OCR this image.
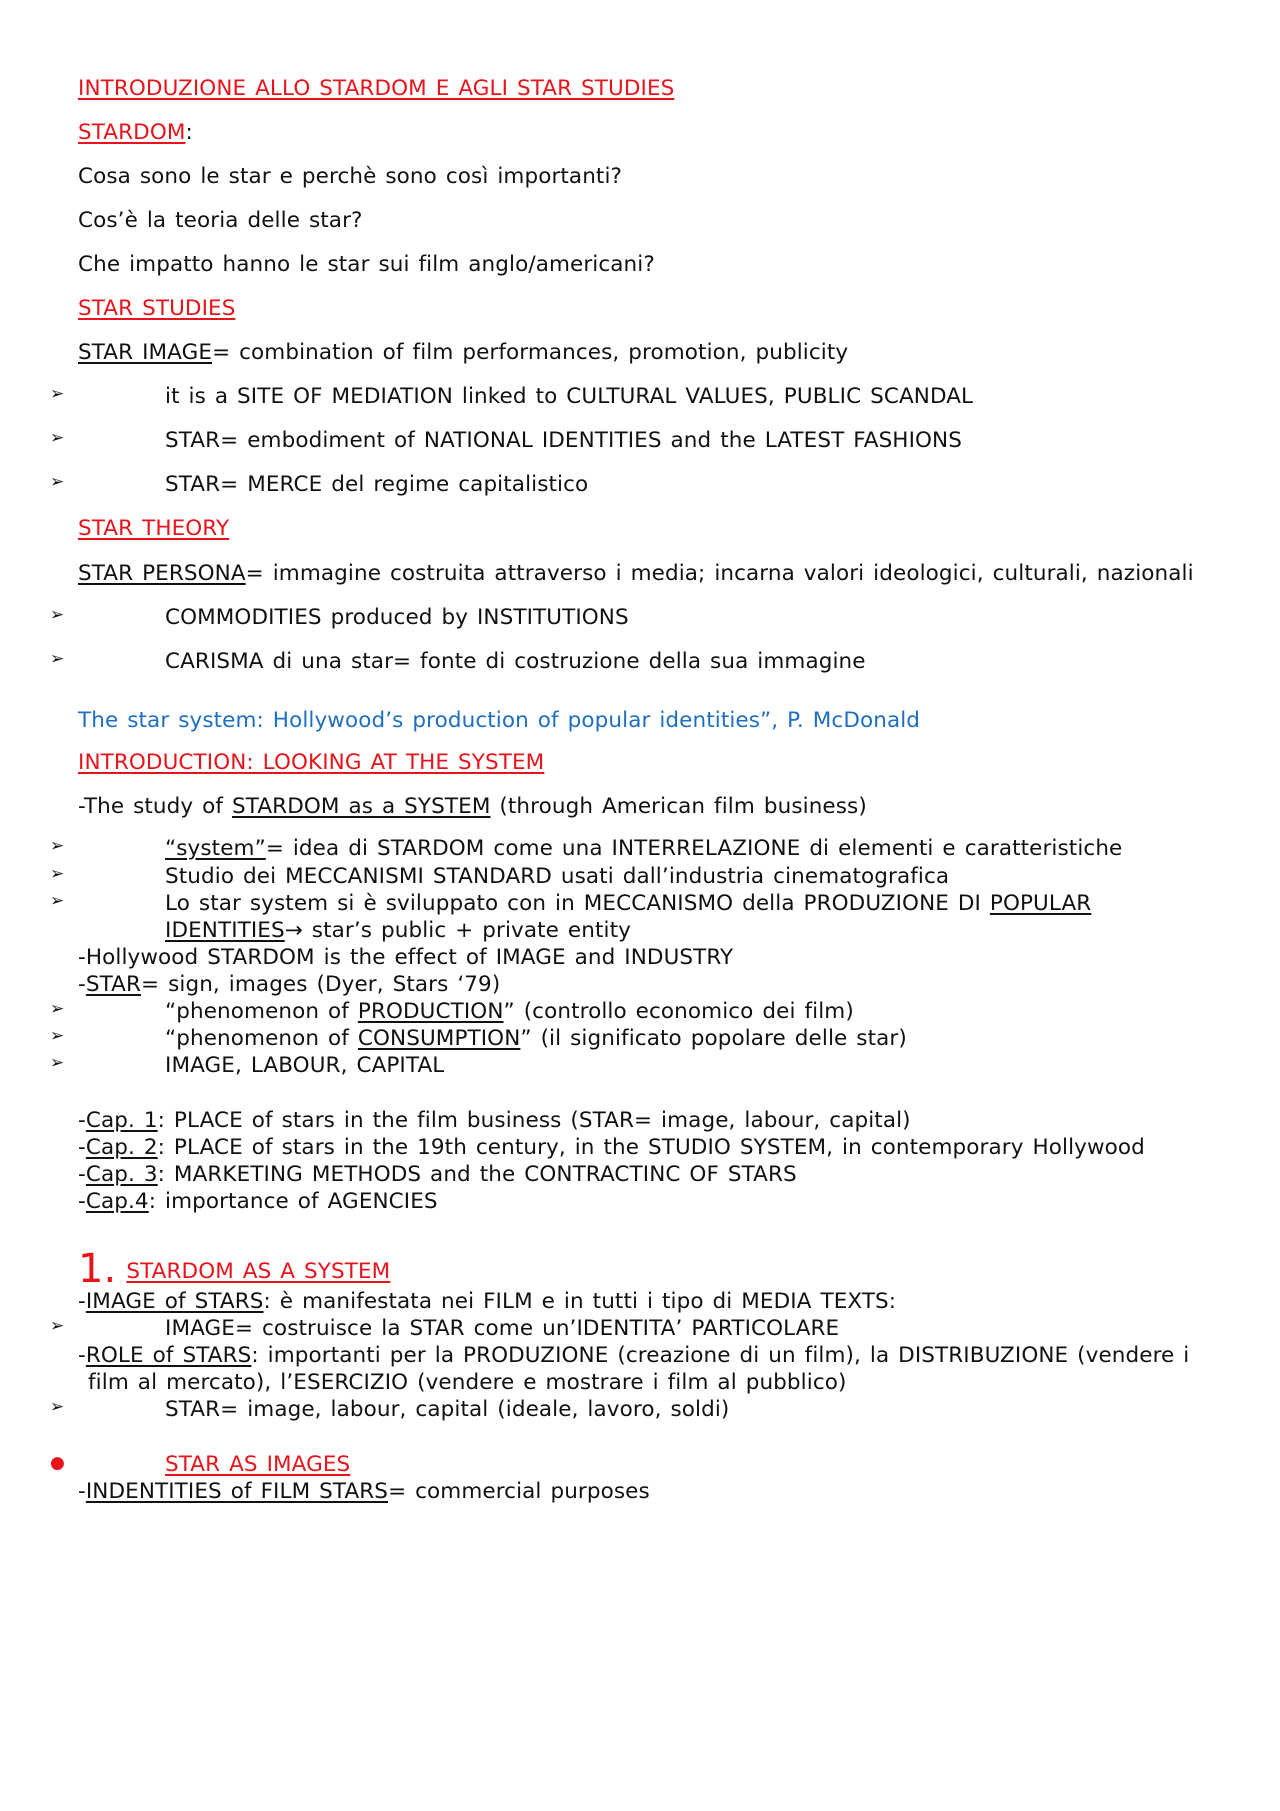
INTRODUZIONE ALLO STARDOM E AGLI STAR STUDIES
STARDOM:
Cosa sono le star e perchè sono così importanti?
Cos’è la teoria delle star?
Che impatto hanno le star sui film anglo/americani?
STAR STUDIES
STAR IMAGE= combination of film performances, promotion, publicity
➢ it is a SITE OF MEDIATION linked to CULTURAL VALUES, PUBLIC SCANDAL
➢ STAR= embodiment of NATIONAL IDENTITIES and the LATEST FASHIONS
➢ STAR= MERCE del regime capitalistico
STAR THEORY
STAR PERSONA= immagine costruita attraverso i media; incarna valori ideologici, culturali, nazionali
➢ COMMODITIES produced by INSTITUTIONS
➢ CARISMA di una star= fonte di costruzione della sua immagine
The star system: Hollywood’s production of popular identities”, P. McDonald
INTRODUCTION: LOOKING AT THE SYSTEM
-The study of STARDOM as a SYSTEM (through American film business)
➢ “system”= idea di STARDOM come una INTERRELAZIONE di elementi e caratteristiche
➢ Studio dei MECCANISMI STANDARD usati dall’industria cinematografica
➢ Lo star system si è sviluppato con in MECCANISMO della PRODUZIONE DI POPULAR
IDENTITIES→ star’s public + private entity
-Hollywood STARDOM is the effect of IMAGE and INDUSTRY
-STAR= sign, images (Dyer, Stars ‘79)
➢ “phenomenon of PRODUCTION” (controllo economico dei film)
➢ “phenomenon of CONSUMPTION” (il significato popolare delle star)
➢ IMAGE, LABOUR, CAPITAL
-Cap. 1: PLACE of stars in the film business (STAR= image, labour, capital)
-Cap. 2: PLACE of stars in the 19th century, in the STUDIO SYSTEM, in contemporary Hollywood
-Cap. 3: MARKETING METHODS and the CONTRACTINC OF STARS
-Cap.4: importance of AGENCIES
1. STARDOM AS A SYSTEM
-IMAGE of STARS: è manifestata nei FILM e in tutti i tipo di MEDIA TEXTS:
➢ IMAGE= costruisce la STAR come un’IDENTITA’ PARTICOLARE
-ROLE of STARS: importanti per la PRODUZIONE (creazione di un film), la DISTRIBUZIONE (vendere i
film al mercato), l’ESERCIZIO (vendere e mostrare i film al pubblico)
➢ STAR= image, labour, capital (ideale, lavoro, soldi)
● STAR AS IMAGES
-INDENTITIES of FILM STARS= commercial purposes
